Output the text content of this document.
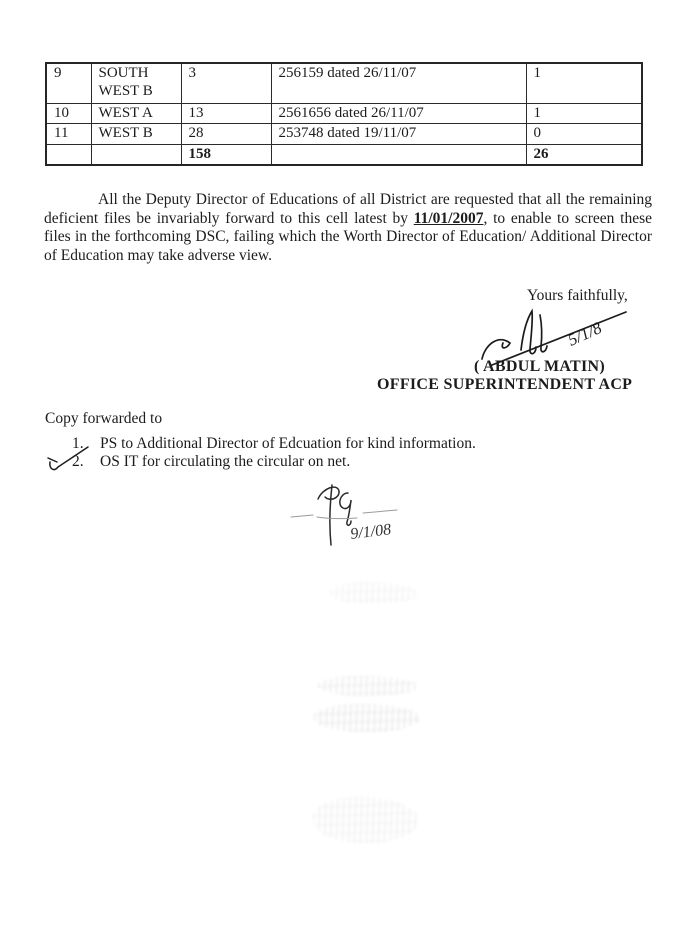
9	SOUTH WEST B	3	256159 dated 26/11/07	1
10	WEST A	13	2561656 dated 26/11/07	1
11	WEST B	28	253748 dated 19/11/07	0
		158		26

All the Deputy Director of Educations of all District are requested that all the remaining deficient files be invariably forward to this cell latest by 11/01/2007, to enable to screen these files in the forthcoming DSC, failing which the Worth Director of Education/ Additional Director of Education may take adverse view.

Yours faithfully,
5/1/8
( ABDUL MATIN)
OFFICE SUPERINTENDENT ACP
Copy forwarded to
1. PS to Additional Director of Edcuation for kind information.
2. OS IT for circulating the circular on net.
9/1/08
